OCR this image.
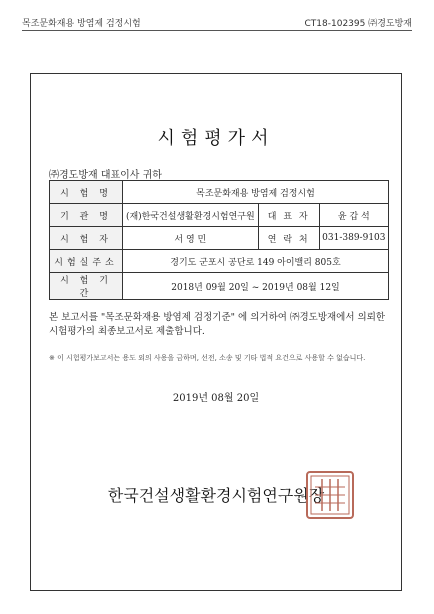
목조문화재용 방염제 검정시험	CT18-102395 ㈜경도방재
시험평가서
㈜경도방재 대표이사 귀하
시 험 명	목조문화재용 방염제 검정시험		
기 관 명	(재)한국건설생활환경시험연구원	대 표 자	윤 갑 석
시 험 자	서 영 민	연 락 처	031-389-9103
시험실주소	경기도 군포시 공단로 149 아이밸리 805호		
시 험 기 간	2018년 09월 20일 ~ 2019년 08월 12일		
본 보고서를 "목조문화재용 방염제 검정기준" 에 의거하여 ㈜경도방재에서 의뢰한 시험평가의 최종보고서로 제출합니다.
※ 이 시험평가보고서는 용도 외의 사용을 금하며, 선전, 소송 및 기타 법적 요건으로 사용할 수 없습니다.
2019년 08월 20일
한국건설생활환경시험연구원장
